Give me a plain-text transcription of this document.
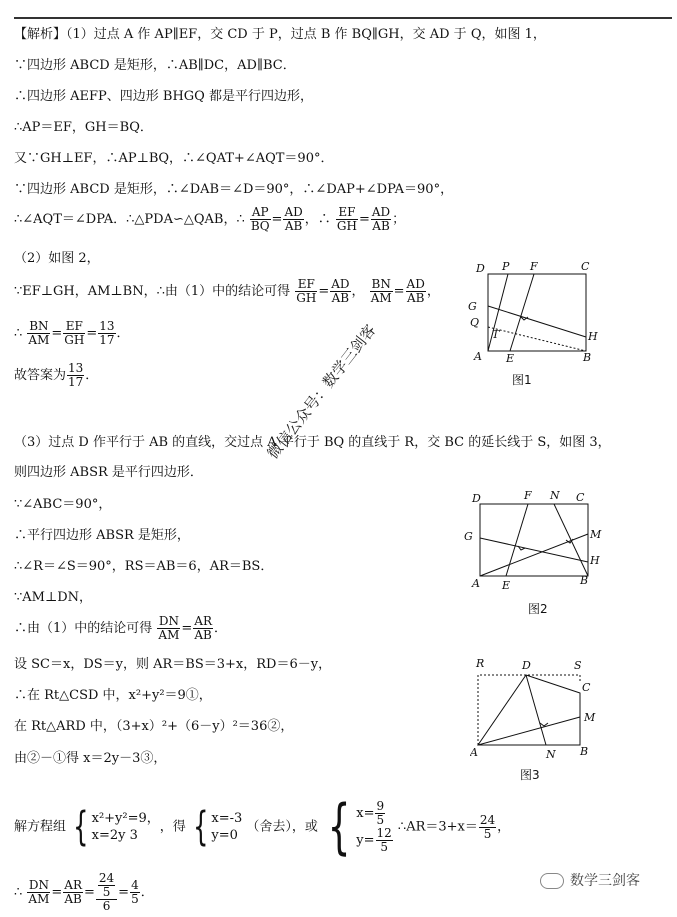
【解析】（1）过点 A 作 AP∥EF，交 CD 于 P，过点 B 作 BQ∥GH，交 AD 于 Q，如图 1，
∵四边形 ABCD 是矩形，∴AB∥DC，AD∥BC．
∴四边形 AEFP、四边形 BHGQ 都是平行四边形，
∴AP＝EF，GH＝BQ．
又∵GH⊥EF，∴AP⊥BQ，∴∠QAT+∠AQT＝90°．
∵四边形 ABCD 是矩形，∴∠DAB＝∠D＝90°，∴∠DAP+∠DPA＝90°，
∴∠AQT＝∠DPA．∴△PDA∽△QAB，∴ $\frac{AP}{BQ} = \frac{AD}{AB}$ ，∴ $\frac{EF}{GH} = \frac{AD}{AB}$ ；
（2）如图 2，
∵EF⊥GH，AM⊥BN，∴由（1）中的结论可得 $\frac{EF}{GH} = \frac{AD}{AB}$ ， $\frac{BN}{AM} = \frac{AD}{AB}$ ，
∴ $\frac{BN}{AM} = \frac{EF}{GH} = \frac{13}{17}$ ．
故答案为 $\frac{13}{17}$ ．
（3）过点 D 作平行于 AB 的直线，交过点 A 平行于 BQ 的直线于 R，交 BC 的延长线于 S，如图 3，
则四边形 ABSR 是平行四边形．
∵∠ABC＝90°，
∴平行四边形 ABSR 是矩形，
∴∠R＝∠S＝90°，RS＝AB＝6，AR＝BS．
∵AM⊥DN，
∴由（1）中的结论可得 $\frac{DN}{AM} = \frac{AR}{AB}$ ．
设 SC＝x，DS＝y，则 AR＝BS＝3+x，RD＝6－y，
∴在 Rt△CSD 中，x²+y²＝9①，
在 Rt△ARD 中，（3+x）²+（6－y）²＝36②，
由②－①得 x＝2y－3③，
解方程组 { x²+y²=9，
x=2y 3
，得 { x=-3
y=0
（舍去），或 { $x= \frac{9}{5}$
$y= \frac{12}{5}$ ∴AR＝3+x＝ $\frac{24}{5}$ ，
∴ $\frac{DN}{AM} = \frac{AR}{AB} = \frac{\frac{24}{5}}{6} = \frac{4}{5}$ ．
D P F	C
G
Q
T	H
A E	B
图1
D	F N C
G	M
H
A E	B
图2
R	D	S
C
M
A	N B
图3
微信公众号：数学三剑客
数学三剑客
